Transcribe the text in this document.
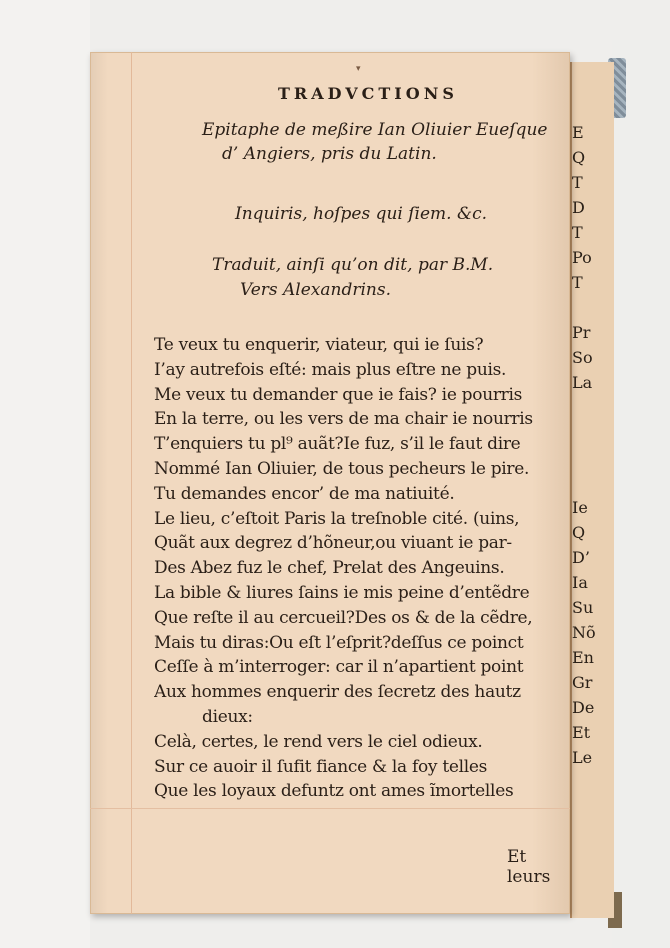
E
Q
T
D
T
Po
T
Pr
So
La
Ie
Q
D’
Ia
Su
Nõ
En
Gr
De
Et
Le
▾
TRADVCTIONS
Epitaphe de meßire Ian Oliuier Eueſque
d’ Angiers, pris du Latin.
Inquiris, hoſpes qui ſiem. &c.
Traduit, ainſi qu’on dit, par B.M.
Vers Alexandrins.
Te veux tu enquerir, viateur, qui ie ſuis?
I’ay autrefois eſté: mais plus eſtre ne puis.
Me veux tu demander que ie fais? ie pourris
En la terre, ou les vers de ma chair ie nourris
T’enquiers tu pl⁹ auãt?Ie fuz, s’il le faut dire
Nommé Ian Oliuier, de tous pecheurs le pire.
Tu demandes encor’ de ma natiuité.
Le lieu, c’eſtoit Paris la treſnoble cité. (uins,
Quãt aux degrez d’hõneur,ou viuant ie par-
Des Abez fuz le chef, Prelat des Angeuins.
La bible & liures ſains ie mis peine d’entẽdre
Que reſte il au cercueil?Des os & de la cẽdre,
Mais tu diras:Ou eſt l’eſprit?deſſus ce poinct
Ceſſe à m’interroger: car il n’apartient point
Aux hommes enquerir des ſecretz des hautz
dieux:
Celà, certes, le rend vers le ciel odieux.
Sur ce auoir il ſufit fiance & la foy telles
Que les loyaux defuntz ont ames ĩmortelles
Et leurs
